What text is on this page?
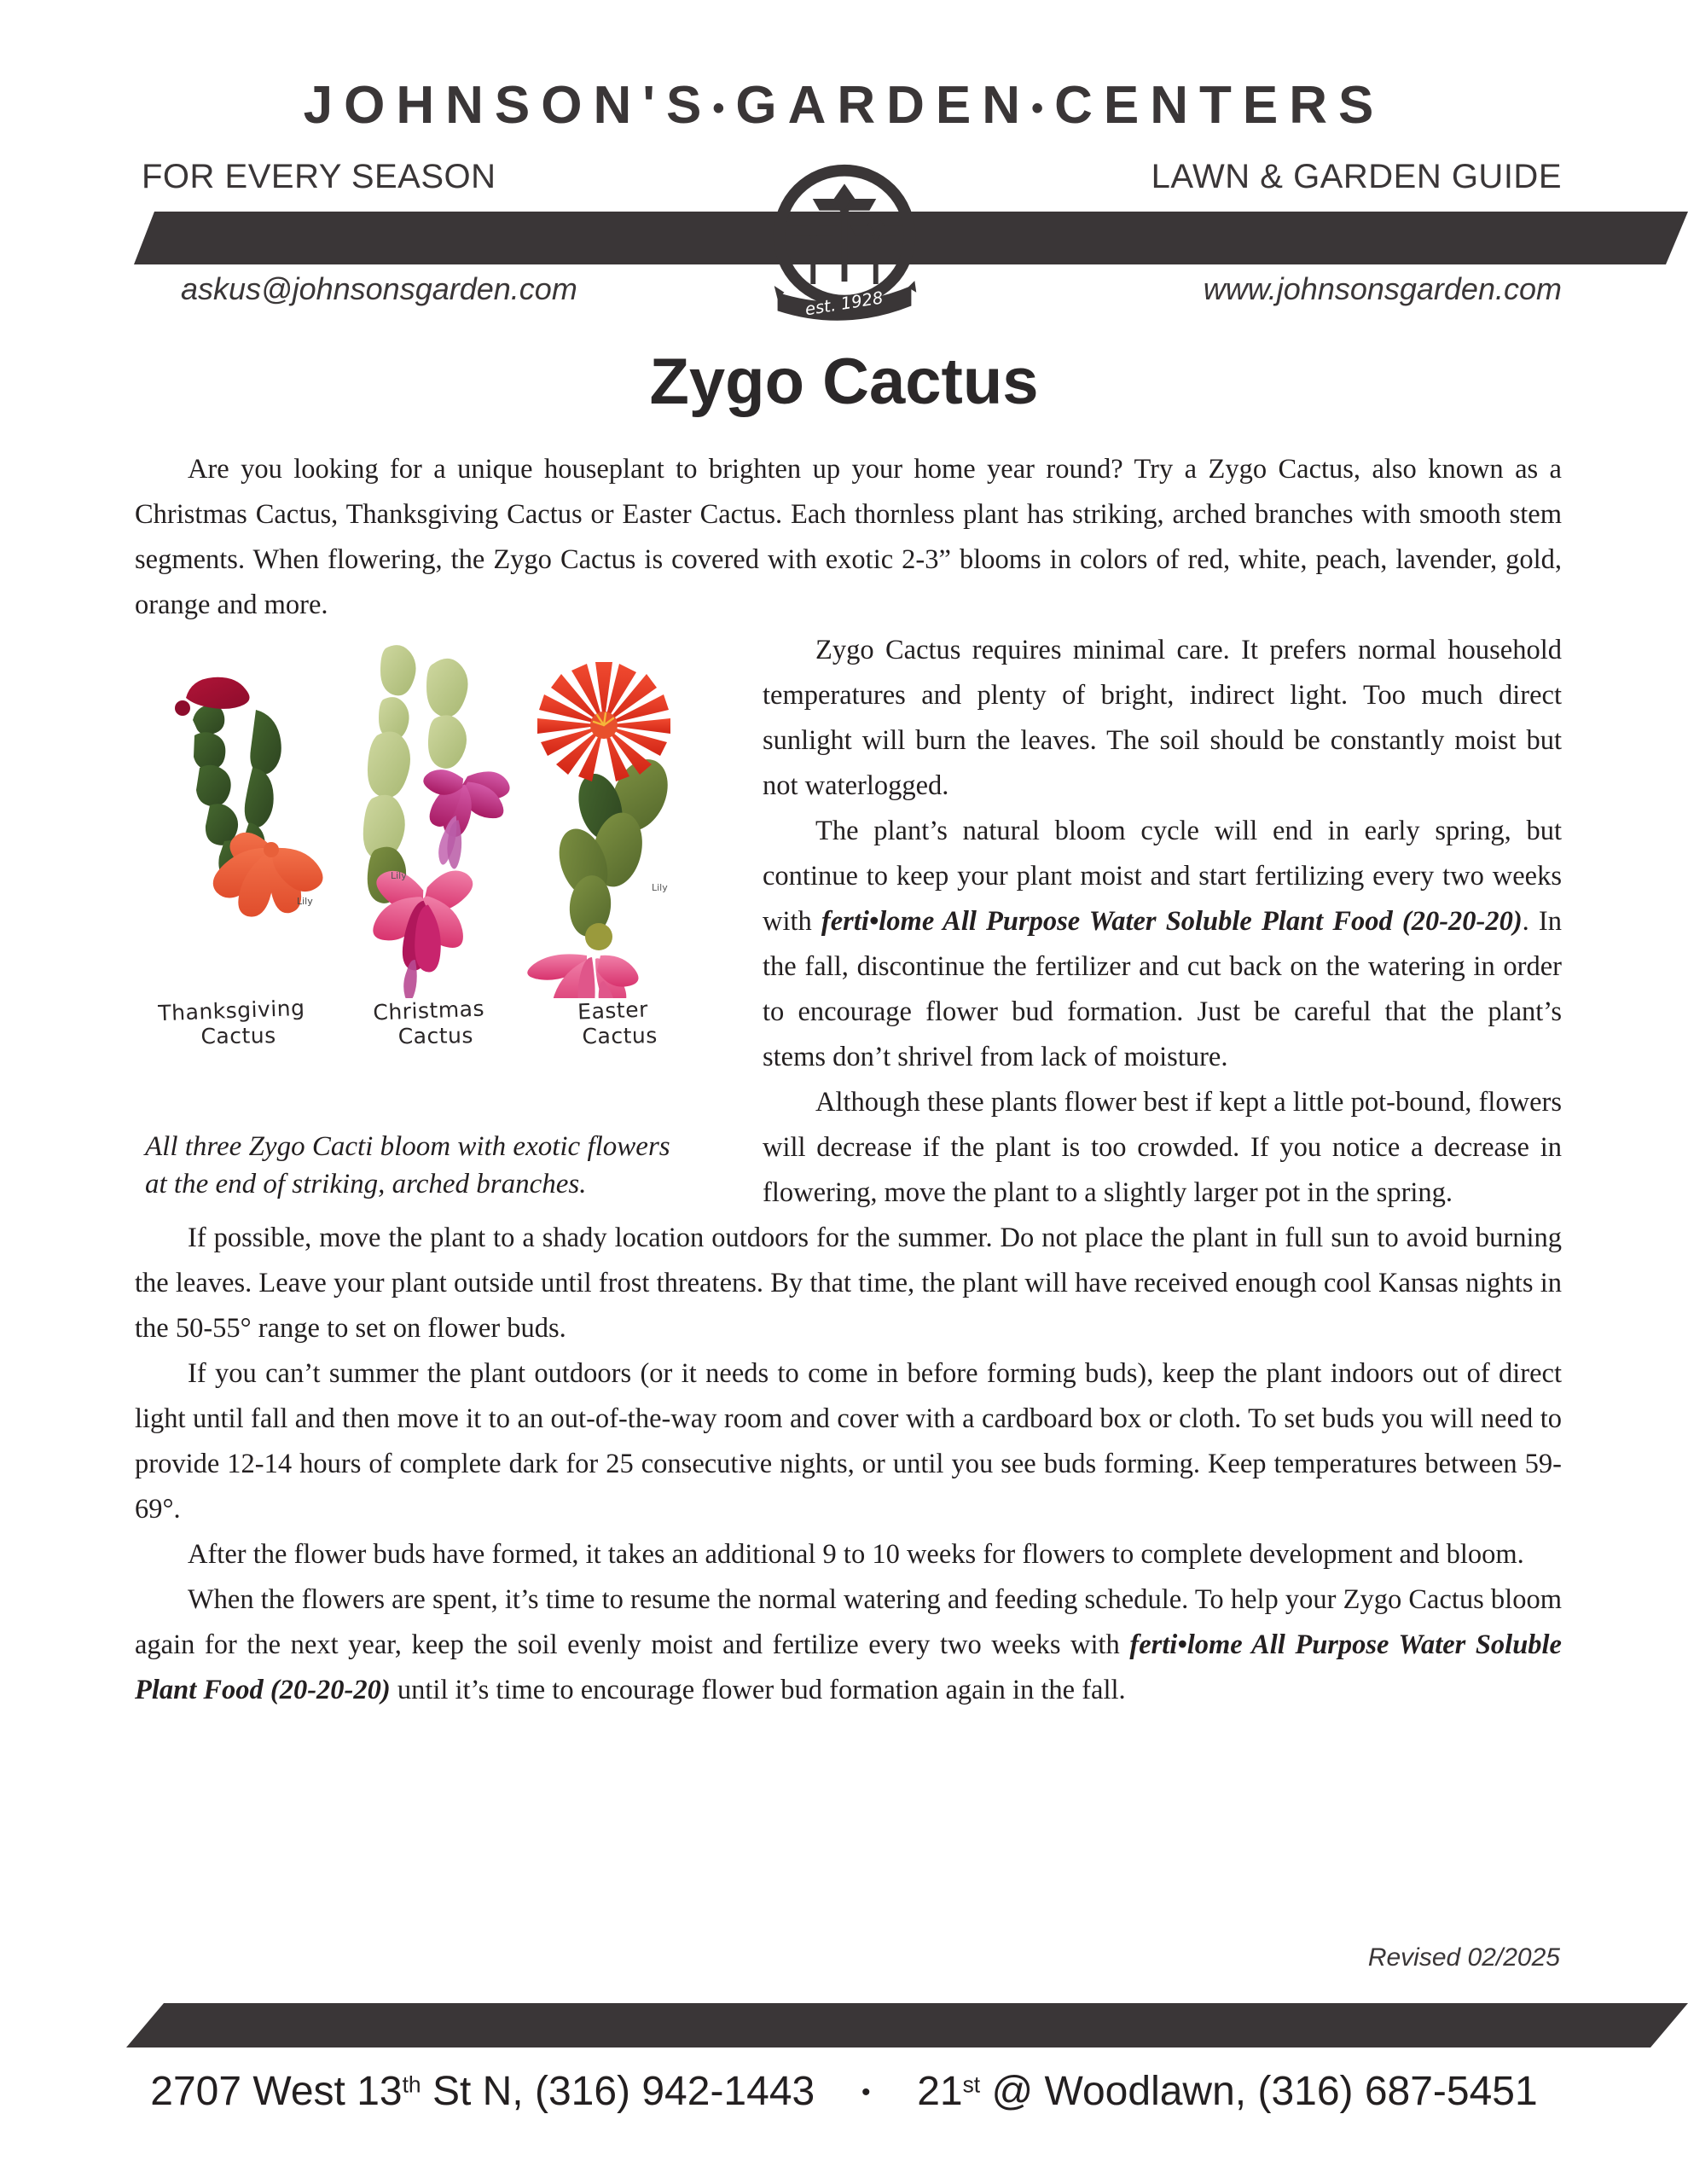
JOHNSON'S•GARDEN•CENTERS
FOR EVERY SEASON	LAWN & GARDEN GUIDE
est. 1928
askus@johnsonsgarden.com	www.johnsonsgarden.com
Zygo Cactus

Are you looking for a unique houseplant to brighten up your home year round? Try a Zygo Cactus, also known as a Christmas Cactus, Thanksgiving Cactus or Easter Cactus. Each thornless plant has striking, arched branches with smooth stem segments. When flowering, the Zygo Cactus is covered with exotic 2-3” blooms in colors of red, white, peach, lavender, gold, orange and more.

Lily
Lily
Lily
Thanksgiving
Cactus
Christmas
Cactus
Easter
Cactus
All three Zygo Cacti bloom with exotic flowers at the end of striking, arched branches.

Zygo Cactus requires minimal care. It prefers normal household temperatures and plenty of bright, indirect light. Too much direct sunlight will burn the leaves. The soil should be constantly moist but not waterlogged.

The plant’s natural bloom cycle will end in early spring, but continue to keep your plant moist and start fertilizing every two weeks with ferti•lome All Purpose Water Soluble Plant Food (20-20-20). In the fall, discontinue the fertilizer and cut back on the watering in order to encourage flower bud formation. Just be careful that the plant’s stems don’t shrivel from lack of moisture.

Although these plants flower best if kept a little pot-bound, flowers will decrease if the plant is too crowded. If you notice a decrease in flowering, move the plant to a slightly larger pot in the spring.

If possible, move the plant to a shady location outdoors for the summer. Do not place the plant in full sun to avoid burning the leaves. Leave your plant outside until frost threatens. By that time, the plant will have received enough cool Kansas nights in the 50-55° range to set on flower buds.

If you can’t summer the plant outdoors (or it needs to come in before forming buds), keep the plant indoors out of direct light until fall and then move it to an out-of-the-way room and cover with a cardboard box or cloth. To set buds you will need to provide 12-14 hours of complete dark for 25 consecutive nights, or until you see buds forming. Keep temperatures between 59-69°.

After the flower buds have formed, it takes an additional 9 to 10 weeks for flowers to complete development and bloom.

When the flowers are spent, it’s time to resume the normal watering and feeding schedule. To help your Zygo Cactus bloom again for the next year, keep the soil evenly moist and fertilize every two weeks with ferti•lome All Purpose Water Soluble Plant Food (20-20-20) until it’s time to encourage flower bud formation again in the fall.

Revised 02/2025
2707 West 13th St N, (316) 942-1443 • 21st @ Woodlawn, (316) 687-5451
